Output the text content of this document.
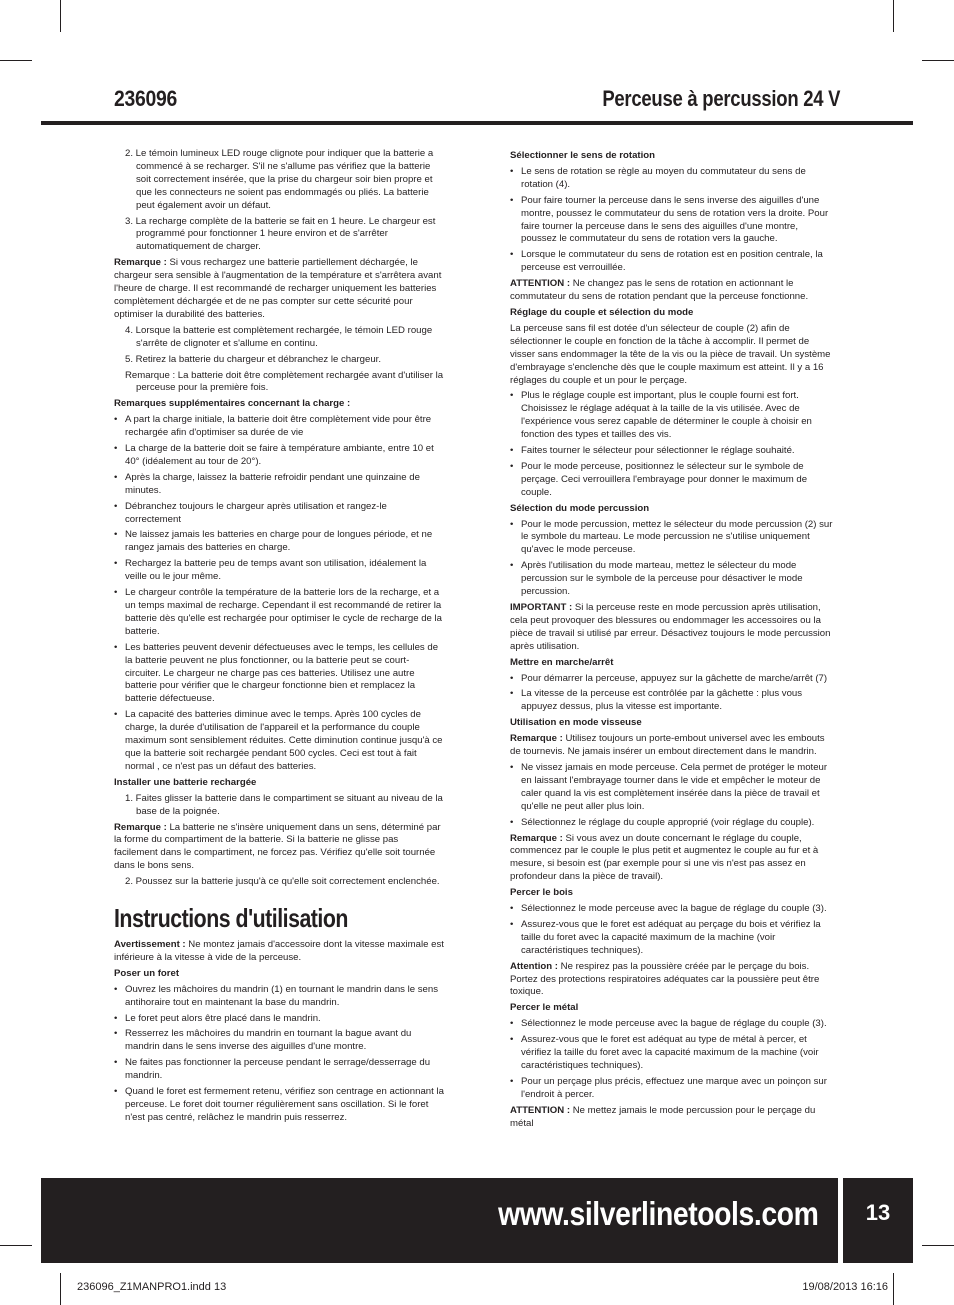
236096	Perceuse à percussion 24 V

2. Le témoin lumineux LED rouge clignote pour indiquer que la batterie a commencé à se recharger. S'il ne s'allume pas vérifiez que la batterie soit correctement insérée, que la prise du chargeur soir bien propre et que les connecteurs ne soient pas endommagés ou pliés. La batterie peut également avoir un défaut.

3. La recharge complète de la batterie se fait en 1 heure. Le chargeur est programmé pour fonctionner 1 heure environ et de s'arrêter automatiquement de charger.

Remarque : Si vous rechargez une batterie partiellement déchargée, le chargeur sera sensible à l'augmentation de la température et s'arrêtera avant l'heure de charge. Il est recommandé de recharger uniquement les batteries complètement déchargée et de ne pas compter sur cette sécurité pour optimiser la durabilité des batteries.

4. Lorsque la batterie est complètement rechargée, le témoin LED rouge s'arrête de clignoter et s'allume en continu.

5. Retirez la batterie du chargeur et débranchez le chargeur.

Remarque : La batterie doit être complètement rechargée avant d'utiliser la perceuse pour la première fois.

Remarques supplémentaires concernant la charge :

• A part la charge initiale, la batterie doit être complètement vide pour être rechargée afin d'optimiser sa durée de vie
• La charge de la batterie doit se faire à température ambiante, entre 10 et 40° (idéalement au tour de 20°).
• Après la charge, laissez la batterie refroidir pendant une quinzaine de minutes.
• Débranchez toujours le chargeur après utilisation et rangez-le correctement
• Ne laissez jamais les batteries en charge pour de longues période, et ne rangez jamais des batteries en charge.
• Rechargez la batterie peu de temps avant son utilisation, idéalement la veille ou le jour même.
• Le chargeur contrôle la température de la batterie lors de la recharge, et a un temps maximal de recharge. Cependant il est recommandé de retirer la batterie dès qu'elle est rechargée pour optimiser le cycle de recharge de la batterie.
• Les batteries peuvent devenir défectueuses avec le temps, les cellules de la batterie peuvent ne plus fonctionner, ou la batterie peut se court-circuiter. Le chargeur ne charge pas ces batteries. Utilisez une autre batterie pour vérifier que le chargeur fonctionne bien et remplacez la batterie défectueuse.
• La capacité des batteries diminue avec le temps. Après 100 cycles de charge, la durée d'utilisation de l'appareil et la performance du couple maximum sont sensiblement réduites. Cette diminution continue jusqu'à ce que la batterie soit rechargée pendant 500 cycles. Ceci est tout à fait normal , ce n'est pas un défaut des batteries.

Installer une batterie rechargée

1. Faites glisser la batterie dans le compartiment se situant au niveau de la base de la poignée.

Remarque : La batterie ne s'insère uniquement dans un sens, déterminé par la forme du compartiment de la batterie. Si la batterie ne glisse pas facilement dans le compartiment, ne forcez pas. Vérifiez qu'elle soit tournée dans le bons sens.

2. Poussez sur la batterie jusqu'à ce qu'elle soit correctement enclenchée.

Instructions d'utilisation

Avertissement : Ne montez jamais d'accessoire dont la vitesse maximale est inférieure à la vitesse à vide de la perceuse.

Poser un foret

• Ouvrez les mâchoires du mandrin (1) en tournant le mandrin dans le sens antihoraire tout en maintenant la base du mandrin.
• Le foret peut alors être placé dans le mandrin.
• Resserrez les mâchoires du mandrin en tournant la bague avant du mandrin dans le sens inverse des aiguilles d'une montre.
• Ne faites pas fonctionner la perceuse pendant le serrage/desserrage du mandrin.
• Quand le foret est fermement retenu, vérifiez son centrage en actionnant la perceuse. Le foret doit tourner régulièrement sans oscillation. Si le foret n'est pas centré, relâchez le mandrin puis resserrez.

Sélectionner le sens de rotation

• Le sens de rotation se règle au moyen du commutateur du sens de rotation (4).
• Pour faire tourner la perceuse dans le sens inverse des aiguilles d'une montre, poussez le commutateur du sens de rotation vers la droite. Pour faire tourner la perceuse dans le sens des aiguilles d'une montre, poussez le commutateur du sens de rotation vers la gauche.
• Lorsque le commutateur du sens de rotation est en position centrale, la perceuse est verrouillée.

ATTENTION : Ne changez pas le sens de rotation en actionnant le commutateur du sens de rotation pendant que la perceuse fonctionne.

Réglage du couple et sélection du mode

La perceuse sans fil est dotée d'un sélecteur de couple (2) afin de sélectionner le couple en fonction de la tâche à accomplir. Il permet de visser sans endommager la tête de la vis ou la pièce de travail. Un système d'embrayage s'enclenche dès que le couple maximum est atteint. Il y a 16 réglages du couple et un pour le perçage.

• Plus le réglage couple est important, plus le couple fourni est fort. Choisissez le réglage adéquat à la taille de la vis utilisée. Avec de l'expérience vous serez capable de déterminer le couple à choisir en fonction des types et tailles des vis.
• Faites tourner le sélecteur pour sélectionner le réglage souhaité.
• Pour le mode perceuse, positionnez le sélecteur sur le symbole de perçage. Ceci verrouillera l'embrayage pour donner le maximum de couple.

Sélection du mode percussion

• Pour le mode percussion, mettez le sélecteur du mode percussion (2) sur le symbole du marteau. Le mode percussion ne s'utilise uniquement qu'avec le mode perceuse.
• Après l'utilisation du mode marteau, mettez le sélecteur du mode percussion sur le symbole de la perceuse pour désactiver le mode percussion.

IMPORTANT : Si la perceuse reste en mode percussion après utilisation, cela peut provoquer des blessures ou endommager les accessoires ou la pièce de travail si utilisé par erreur. Désactivez toujours le mode percussion après utilisation.

Mettre en marche/arrêt

• Pour démarrer la perceuse, appuyez sur la gâchette de marche/arrêt (7)
• La vitesse de la perceuse est contrôlée par la gâchette : plus vous appuyez dessus, plus la vitesse est importante.

Utilisation en mode visseuse

Remarque : Utilisez toujours un porte-embout universel avec les embouts de tournevis. Ne jamais insérer un embout directement dans le mandrin.

• Ne vissez jamais en mode perceuse. Cela permet de protéger le moteur en laissant l'embrayage tourner dans le vide et empêcher le moteur de caler quand la vis est complètement insérée dans la pièce de travail et qu'elle ne peut aller plus loin.
• Sélectionnez le réglage du couple approprié (voir réglage du couple).

Remarque : Si vous avez un doute concernant le réglage du couple, commencez par le couple le plus petit et augmentez le couple au fur et à mesure, si besoin est (par exemple pour si une vis n'est pas assez en profondeur dans la pièce de travail).

Percer le bois

• Sélectionnez le mode perceuse avec la bague de réglage du couple (3).
• Assurez-vous que le foret est adéquat au perçage du bois et vérifiez la taille du foret avec la capacité maximum de la machine (voir caractéristiques techniques).

Attention : Ne respirez pas la poussière créée par le perçage du bois. Portez des protections respiratoires adéquates car la poussière peut être toxique.

Percer le métal

• Sélectionnez le mode perceuse avec la bague de réglage du couple (3).
• Assurez-vous que le foret est adéquat au type de métal à percer, et vérifiez la taille du foret avec la capacité maximum de la machine (voir caractéristiques techniques).
• Pour un perçage plus précis, effectuez une marque avec un poinçon sur l'endroit à percer.

ATTENTION : Ne mettez jamais le mode percussion pour le perçage du métal

www.silverlinetools.com	13
236096_Z1MANPRO1.indd 13	19/08/2013 16:16
